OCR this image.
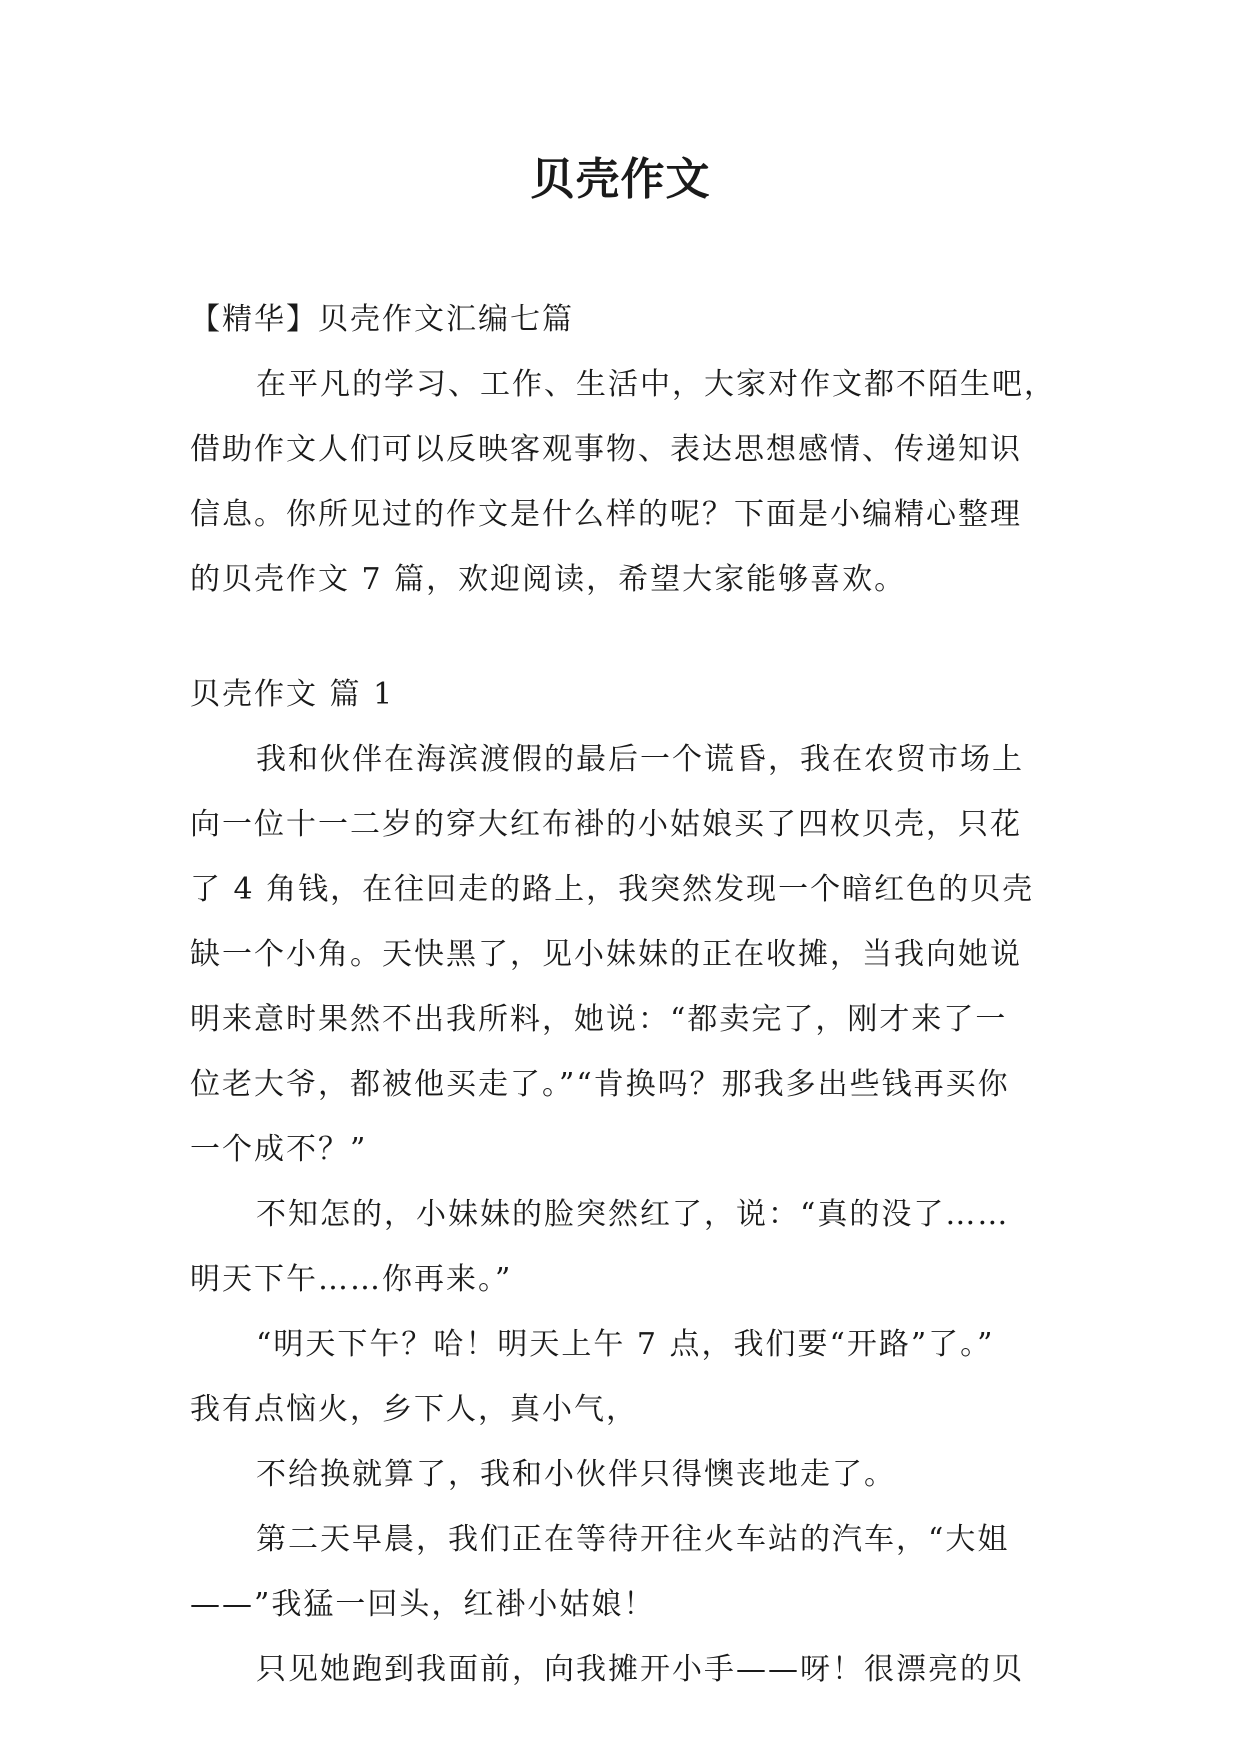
贝壳作文
【精华】贝壳作文汇编七篇
在平凡的学习、工作、生活中，大家对作文都不陌生吧，
借助作文人们可以反映客观事物、表达思想感情、传递知识
信息。你所见过的作文是什么样的呢？下面是小编精心整理
的贝壳作文 7 篇，欢迎阅读，希望大家能够喜欢。
贝壳作文 篇 1
我和伙伴在海滨渡假的最后一个谎昏，我在农贸市场上
向一位十一二岁的穿大红布褂的小姑娘买了四枚贝壳，只花
了 4 角钱，在往回走的路上，我突然发现一个暗红色的贝壳
缺一个小角。天快黑了，见小妹妹的正在收摊，当我向她说
明来意时果然不出我所料，她说：“都卖完了，刚才来了一
位老大爷，都被他买走了。”“肯换吗？那我多出些钱再买你
一个成不？”
不知怎的，小妹妹的脸突然红了，说：“真的没了……
明天下午……你再来。”
“明天下午？哈！明天上午 7 点，我们要“开路”了。”
我有点恼火，乡下人，真小气，
不给换就算了，我和小伙伴只得懊丧地走了。
第二天早晨，我们正在等待开往火车站的汽车，“大姐
——”我猛一回头，红褂小姑娘！
只见她跑到我面前，向我摊开小手——呀！很漂亮的贝
